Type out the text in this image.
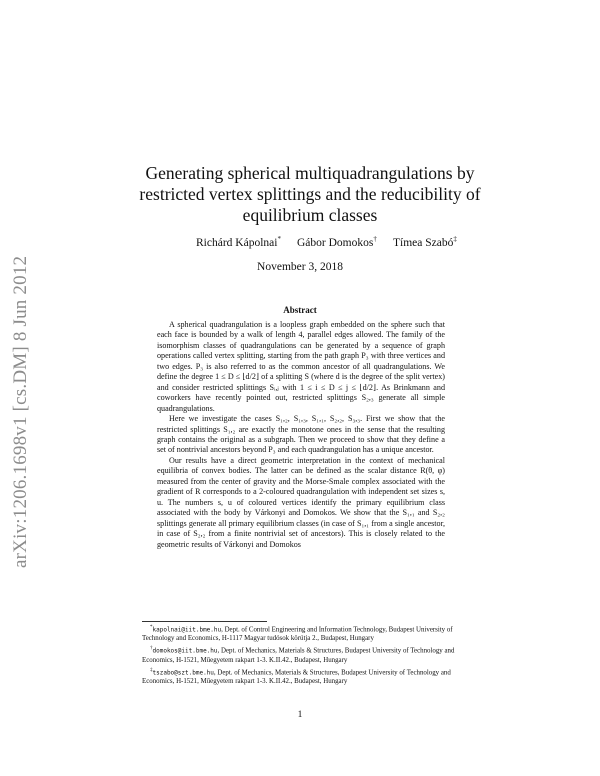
arXiv:1206.1698v1 [cs.DM] 8 Jun 2012
Generating spherical multiquadrangulations by
restricted vertex splittings and the reducibility of
equilibrium classes
Richárd Kápolnai* Gábor Domokos† Tímea Szabó‡
November 3, 2018
Abstract

A spherical quadrangulation is a loopless graph embedded on the sphere such that each face is bounded by a walk of length 4, parallel edges allowed. The family of the isomorphism classes of quadrangulations can be generated by a sequence of graph operations called vertex splitting, starting from the path graph P₃ with three vertices and two edges. P₃ is also referred to as the common ancestor of all quadrangulations. We define the degree 1 ≤ D ≤ ⌊d/2⌋ of a splitting S (where d is the degree of the split vertex) and consider restricted splittings Sᵢ,ⱼ with 1 ≤ i ≤ D ≤ j ≤ ⌊d/2⌋. As Brinkmann and coworkers have recently pointed out, restricted splittings S₂,₃ generate all simple quadrangulations.

Here we investigate the cases S₁,₂, S₁,₃, S₁,₁, S₂,₂, S₃,₃. First we show that the restricted splittings S₁,₂ are exactly the monotone ones in the sense that the resulting graph contains the original as a subgraph. Then we proceed to show that they define a set of nontrivial ancestors beyond P₃ and each quadrangulation has a unique ancestor.

Our results have a direct geometric interpretation in the context of mechanical equilibria of convex bodies. The latter can be defined as the scalar distance R(θ, φ) measured from the center of gravity and the Morse-Smale complex associated with the gradient of R corresponds to a 2-coloured quadrangulation with independent set sizes s, u. The numbers s, u of coloured vertices identify the primary equilibrium class associated with the body by Várkonyi and Domokos. We show that the S₁,₁ and S₂,₂ splittings generate all primary equilibrium classes (in case of S₁,₁ from a single ancestor, in case of S₂,₂ from a finite nontrivial set of ancestors). This is closely related to the geometric results of Várkonyi and Domokos

*kapolnai@iit.bme.hu, Dept. of Control Engineering and Information Technology, Budapest University of Technology and Economics, H-1117 Magyar tudósok körútja 2., Budapest, Hungary

†domokos@iit.bme.hu, Dept. of Mechanics, Materials & Structures, Budapest University of Technology and Economics, H-1521, Műegyetem rakpart 1-3. K.II.42., Budapest, Hungary

‡tszabo@szt.bme.hu, Dept. of Mechanics, Materials & Structures, Budapest University of Technology and Economics, H-1521, Műegyetem rakpart 1-3. K.II.42., Budapest, Hungary

1
